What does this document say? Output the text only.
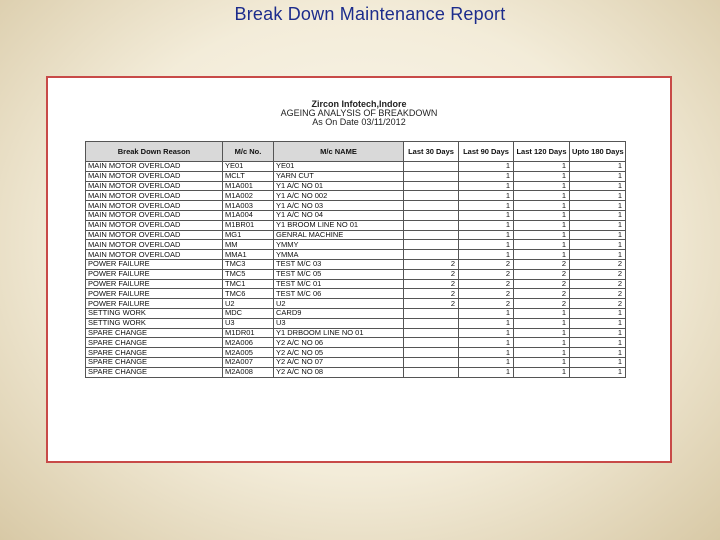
Break Down Maintenance Report
Zircon Infotech,Indore
AGEING ANALYSIS OF BREAKDOWN
As On Date 03/11/2012
Break Down Reason	M/c No.	M/c NAME	Last 30 Days	Last 90 Days	Last 120 Days	Upto 180 Days
MAIN MOTOR OVERLOAD	YE01	YE01		1	1	1
MAIN MOTOR OVERLOAD	MCLT	YARN CUT		1	1	1
MAIN MOTOR OVERLOAD	M1A001	Y1 A/C NO 01		1	1	1
MAIN MOTOR OVERLOAD	M1A002	Y1 A/C NO 002		1	1	1
MAIN MOTOR OVERLOAD	M1A003	Y1 A/C NO 03		1	1	1
MAIN MOTOR OVERLOAD	M1A004	Y1 A/C NO 04		1	1	1
MAIN MOTOR OVERLOAD	M1BR01	Y1 BROOM LINE NO 01		1	1	1
MAIN MOTOR OVERLOAD	MG1	GENRAL MACHINE		1	1	1
MAIN MOTOR OVERLOAD	MM	YMMY		1	1	1
MAIN MOTOR OVERLOAD	MMA1	YMMA		1	1	1
POWER FAILURE	TMC3	TEST M/C 03	2	2	2	2
POWER FAILURE	TMC5	TEST M/C 05	2	2	2	2
POWER FAILURE	TMC1	TEST M/C 01	2	2	2	2
POWER FAILURE	TMC6	TEST M/C 06	2	2	2	2
POWER FAILURE	U2	U2	2	2	2	2
SETTING WORK	MDC	CARD9		1	1	1
SETTING WORK	U3	U3		1	1	1
SPARE CHANGE	M1DR01	Y1 DRBOOM LINE NO 01		1	1	1
SPARE CHANGE	M2A006	Y2 A/C NO 06		1	1	1
SPARE CHANGE	M2A005	Y2 A/C NO 05		1	1	1
SPARE CHANGE	M2A007	Y2 A/C NO 07		1	1	1
SPARE CHANGE	M2A008	Y2 A/C NO 08		1	1	1
